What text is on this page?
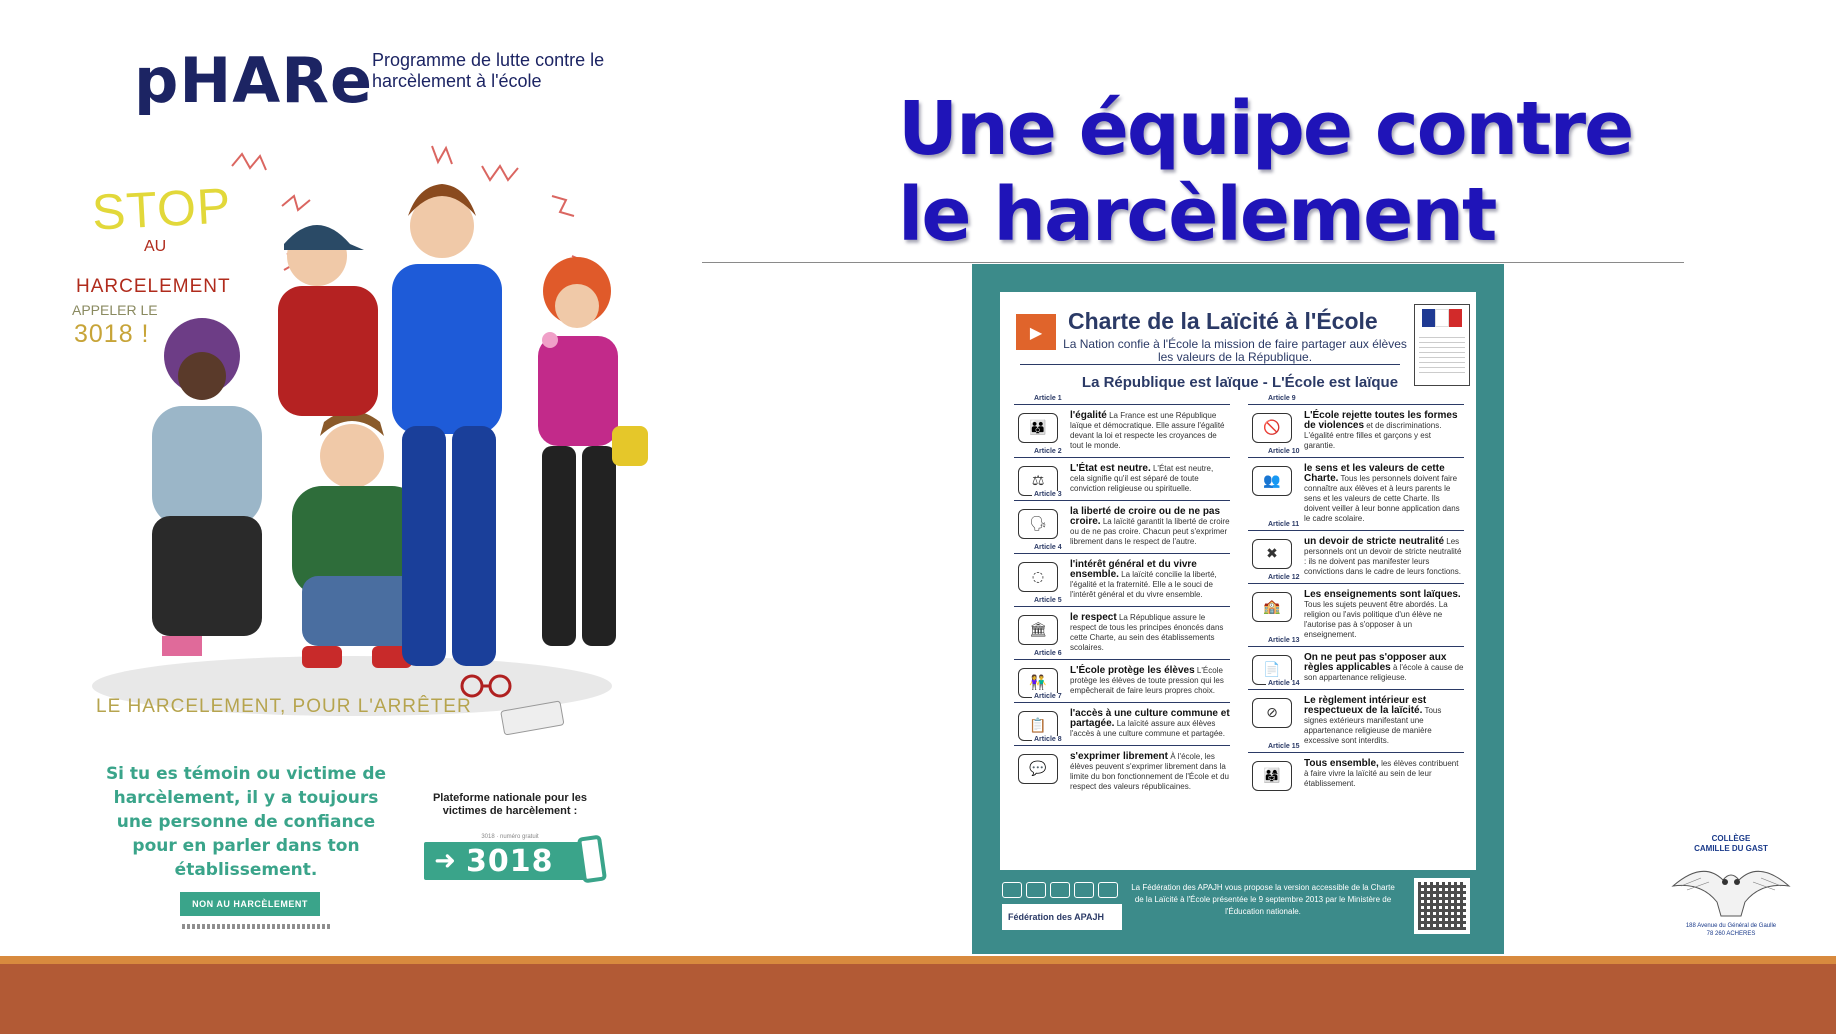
pHARe
Programme de lutte contre le harcèlement à l'école
STOP
AU
HARCELEMENT
APPELER LE
3018 !
LE HARCELEMENT, POUR L'ARRÊTER
Si tu es témoin ou victime de harcèlement, il y a toujours une personne de confiance pour en parler dans ton établissement.
Plateforme nationale pour les victimes de harcèlement :
3018 · numéro gratuit
➜ 3018
NON AU HARCÈLEMENT
Une équipe contre le harcèlement
▶ Charte de la Laïcité à l'École
La Nation confie à l'École la mission de faire partager aux élèves les valeurs de la République.
La République est laïque - L'École est laïque
Article 1
👪

l'égalité La France est une République laïque et démocratique. Elle assure l'égalité devant la loi et respecte les croyances de tout le monde.

Article 2
⚖

L'État est neutre. L'État est neutre, cela signifie qu'il est séparé de toute conviction religieuse ou spirituelle.

Article 3
🗣

la liberté de croire ou de ne pas croire. La laïcité garantit la liberté de croire ou de ne pas croire. Chacun peut s'exprimer librement dans le respect de l'autre.

Article 4
◌

l'intérêt général et du vivre ensemble. La laïcité concilie la liberté, l'égalité et la fraternité. Elle a le souci de l'intérêt général et du vivre ensemble.

Article 5
🏛

le respect La République assure le respect de tous les principes énoncés dans cette Charte, au sein des établissements scolaires.

Article 6
👫

L'École protège les élèves L'École protège les élèves de toute pression qui les empêcherait de faire leurs propres choix.

Article 7
📋

l'accès à une culture commune et partagée. La laïcité assure aux élèves l'accès à une culture commune et partagée.

Article 8
💬

s'exprimer librement À l'école, les élèves peuvent s'exprimer librement dans la limite du bon fonctionnement de l'École et du respect des valeurs républicaines.

Article 9
🚫

L'École rejette toutes les formes de violences et de discriminations. L'égalité entre filles et garçons y est garantie.

Article 10
👥

le sens et les valeurs de cette Charte. Tous les personnels doivent faire connaître aux élèves et à leurs parents le sens et les valeurs de cette Charte. Ils doivent veiller à leur bonne application dans le cadre scolaire.

Article 11
✖

un devoir de stricte neutralité Les personnels ont un devoir de stricte neutralité : ils ne doivent pas manifester leurs convictions dans le cadre de leurs fonctions.

Article 12
🏫

Les enseignements sont laïques. Tous les sujets peuvent être abordés. La religion ou l'avis politique d'un élève ne l'autorise pas à s'opposer à un enseignement.

Article 13
📄

On ne peut pas s'opposer aux règles applicables à l'école à cause de son appartenance religieuse.

Article 14
⊘

Le règlement intérieur est respectueux de la laïcité. Tous signes extérieurs manifestant une appartenance religieuse de manière excessive sont interdits.

Article 15
👨‍👩‍👧

Tous ensemble, les élèves contribuent à faire vivre la laïcité au sein de leur établissement.

Fédération des APAJH
La Fédération des APAJH vous propose la version accessible de la Charte de la Laïcité à l'École présentée le 9 septembre 2013 par le Ministère de l'Éducation nationale.
COLLÈGE
CAMILLE DU GAST
188 Avenue du Général de Gaulle
78 260 ACHERES
